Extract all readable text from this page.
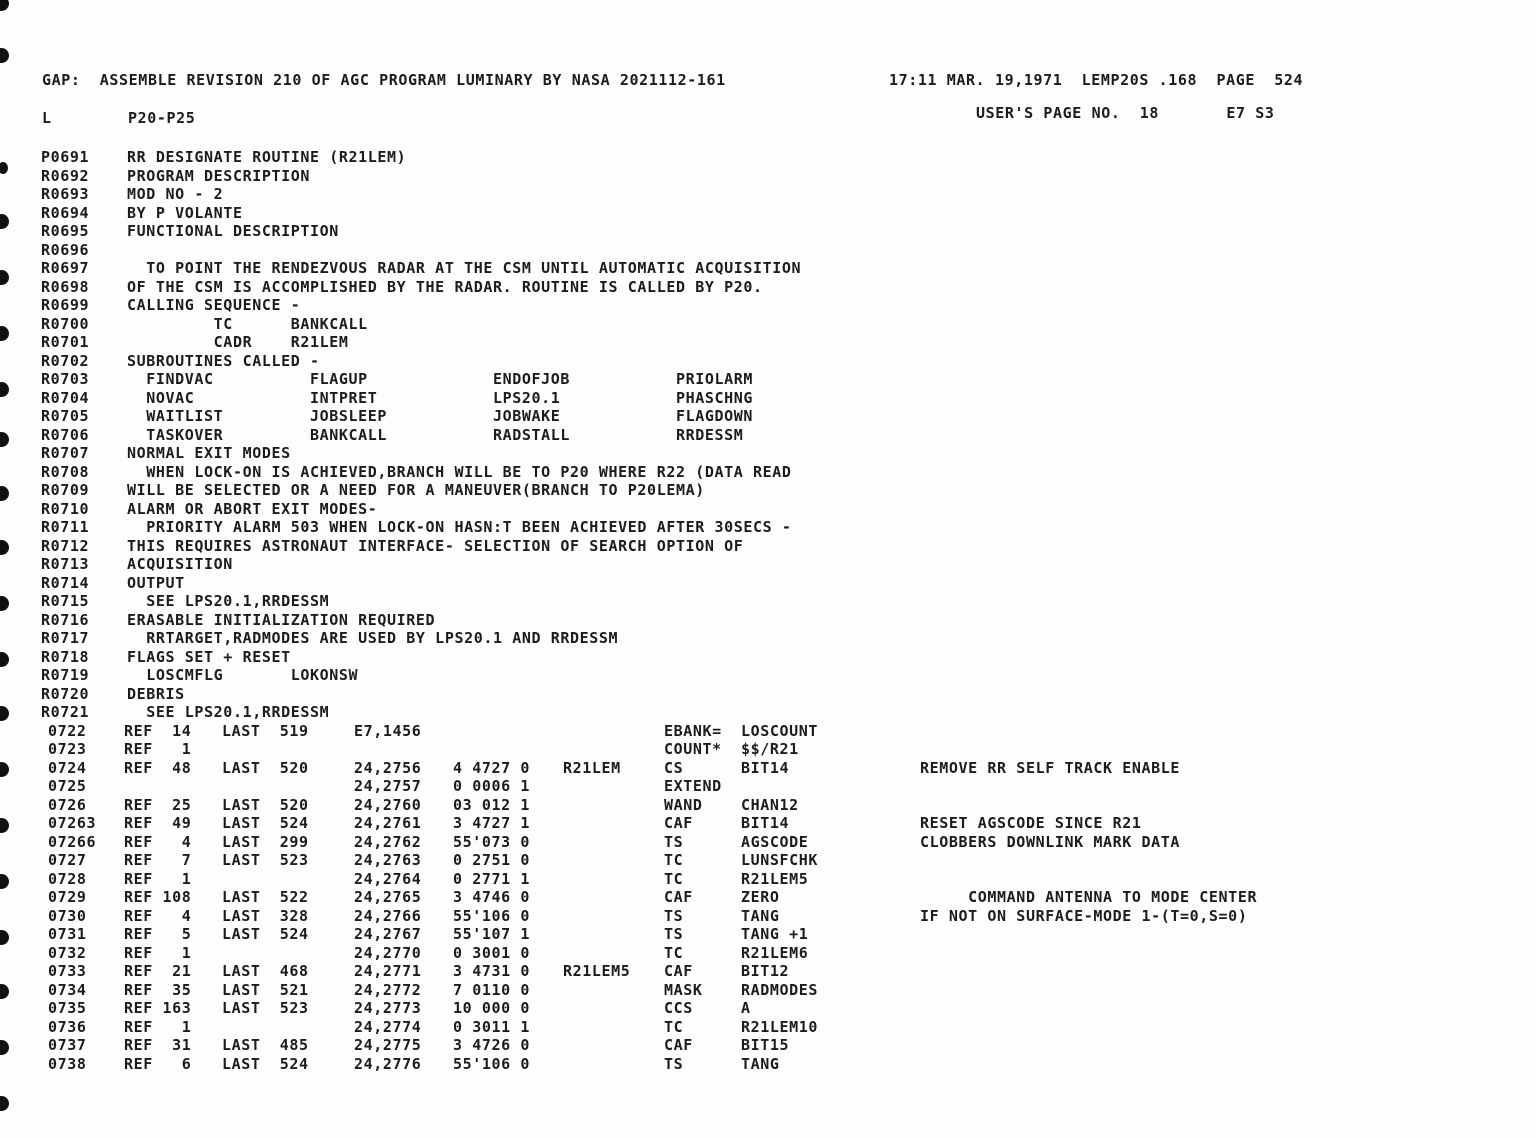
GAP:  ASSEMBLE REVISION 210 OF AGC PROGRAM LUMINARY BY NASA 2021112-161	17:11 MAR. 19,1971  LEMP20S .168  PAGE  524
L	P20-P25	USER'S PAGE NO.  18       E7 S3
P0691	RR DESIGNATE ROUTINE (R21LEM)
R0692	PROGRAM DESCRIPTION
R0693	MOD NO - 2
R0694	BY P VOLANTE
R0695	FUNCTIONAL DESCRIPTION
R0696
R0697	TO POINT THE RENDEZVOUS RADAR AT THE CSM UNTIL AUTOMATIC ACQUISITION
R0698	OF THE CSM IS ACCOMPLISHED BY THE RADAR. ROUTINE IS CALLED BY P20.
R0699	CALLING SEQUENCE -
R0700	TC      BANKCALL
R0701	CADR    R21LEM
R0702	SUBROUTINES CALLED -
R0703	FINDVAC          FLAGUP             ENDOFJOB           PRIOLARM
R0704	NOVAC            INTPRET            LPS20.1            PHASCHNG
R0705	WAITLIST         JOBSLEEP           JOBWAKE            FLAGDOWN
R0706	TASKOVER         BANKCALL           RADSTALL           RRDESSM
R0707	NORMAL EXIT MODES
R0708	WHEN LOCK-ON IS ACHIEVED,BRANCH WILL BE TO P20 WHERE R22 (DATA READ
R0709	WILL BE SELECTED OR A NEED FOR A MANEUVER(BRANCH TO P20LEMA)
R0710	ALARM OR ABORT EXIT MODES-
R0711	PRIORITY ALARM 503 WHEN LOCK-ON HASN:T BEEN ACHIEVED AFTER 30SECS -
R0712	THIS REQUIRES ASTRONAUT INTERFACE- SELECTION OF SEARCH OPTION OF
R0713	ACQUISITION
R0714	OUTPUT
R0715	SEE LPS20.1,RRDESSM
R0716	ERASABLE INITIALIZATION REQUIRED
R0717	RRTARGET,RADMODES ARE USED BY LPS20.1 AND RRDESSM
R0718	FLAGS SET + RESET
R0719	LOSCMFLG       LOKONSW
R0720	DEBRIS
R0721	SEE LPS20.1,RRDESSM
0722 REF  14 LAST  519	E7,1456	EBANK= LOSCOUNT
0723 REF   1	COUNT* $$/R21
0724 REF  48 LAST  520	24,2756 4 4727 0 R21LEM	CS	BIT14	REMOVE RR SELF TRACK ENABLE
0725	24,2757 0 0006 1	EXTEND
0726 REF  25 LAST  520	24,2760 03 012 1	WAND	CHAN12
07263 REF  49 LAST  524	24,2761 3 4727 1	CAF	BIT14	RESET AGSCODE SINCE R21
07266 REF   4 LAST  299	24,2762 55'073 0	TS	AGSCODE	CLOBBERS DOWNLINK MARK DATA
0727 REF   7 LAST  523	24,2763 0 2751 0	TC	LUNSFCHK
0728 REF   1	24,2764 0 2771 1	TC	R21LEM5
0729 REF 108 LAST  522	24,2765 3 4746 0	CAF	ZERO	COMMAND ANTENNA TO MODE CENTER
0730 REF   4 LAST  328	24,2766 55'106 0	TS	TANG	IF NOT ON SURFACE-MODE 1-(T=0,S=0)
0731 REF   5 LAST  524	24,2767 55'107 1	TS	TANG +1
0732 REF   1	24,2770 0 3001 0	TC	R21LEM6
0733 REF  21 LAST  468	24,2771 3 4731 0 R21LEM5 CAF	BIT12
0734 REF  35 LAST  521	24,2772 7 0110 0	MASK	RADMODES
0735 REF 163 LAST  523	24,2773 10 000 0	CCS	A
0736 REF   1	24,2774 0 3011 1	TC	R21LEM10
0737 REF  31 LAST  485	24,2775 3 4726 0	CAF	BIT15
0738 REF   6 LAST  524	24,2776 55'106 0	TS	TANG
